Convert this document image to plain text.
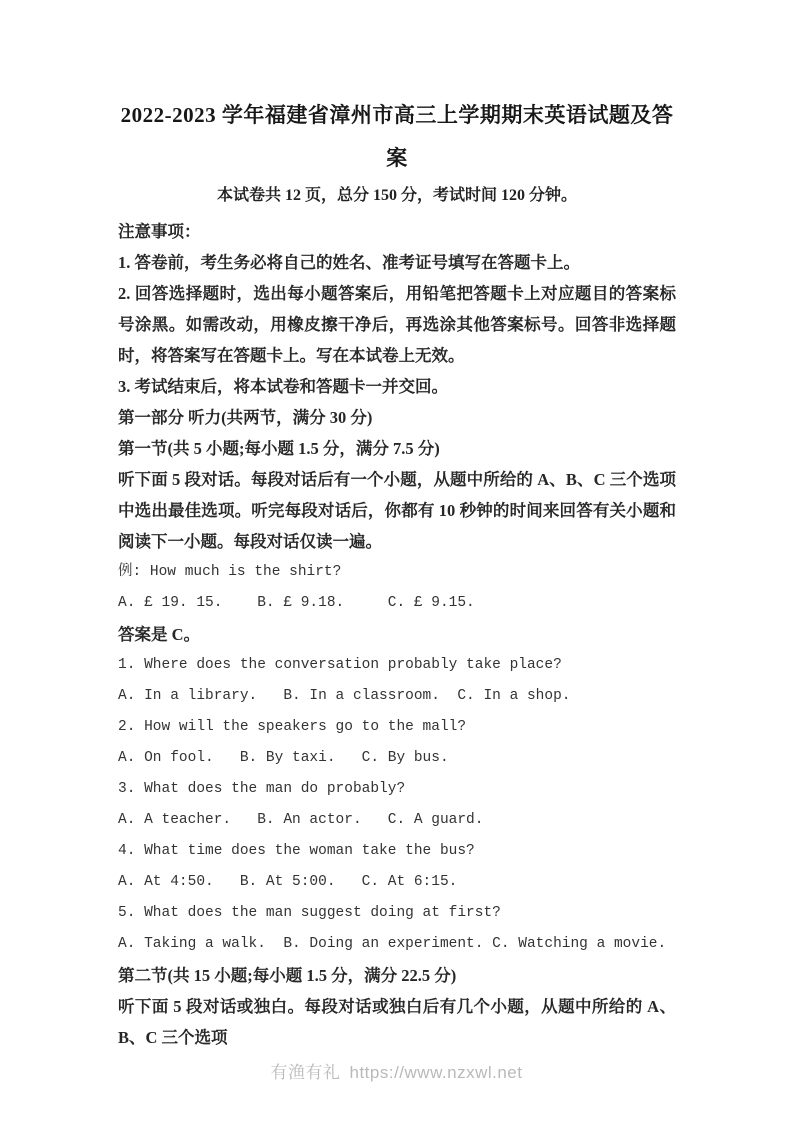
2022-2023 学年福建省漳州市高三上学期期末英语试题及答
案
本试卷共 12 页，总分 150 分，考试时间 120 分钟。
注意事项：
1. 答卷前，考生务必将自己的姓名、准考证号填写在答题卡上。
2. 回答选择题时，选出每小题答案后，用铅笔把答题卡上对应题目的答案标号涂黑。如需改动，用橡皮擦干净后，再选涂其他答案标号。回答非选择题时，将答案写在答题卡上。写在本试卷上无效。
3. 考试结束后，将本试卷和答题卡一并交回。
第一部分 听力(共两节，满分 30 分)
第一节(共 5 小题;每小题 1.5 分，满分 7.5 分)
听下面 5 段对话。每段对话后有一个小题，从题中所给的 A、B、C 三个选项中选出最佳选项。听完每段对话后，你都有 10 秒钟的时间来回答有关小题和阅读下一小题。每段对话仅读一遍。
例: How much is the shirt?
A. £ 19. 15.    B. £ 9.18.     C. £ 9.15.
答案是 C。
1. Where does the conversation probably take place?
A. In a library.   B. In a classroom.  C. In a shop.
2. How will the speakers go to the mall?
A. On fool.   B. By taxi.   C. By bus.
3. What does the man do probably?
A. A teacher.   B. An actor.   C. A guard.
4. What time does the woman take the bus?
A. At 4:50.   B. At 5:00.   C. At 6:15.
5. What does the man suggest doing at first?
A. Taking a walk.  B. Doing an experiment. C. Watching a movie.
第二节(共 15 小题;每小题 1.5 分，满分 22.5 分)
听下面 5 段对话或独白。每段对话或独白后有几个小题，从题中所给的 A、B、C 三个选项
有渔有礼 https://www.nzxwl.net
